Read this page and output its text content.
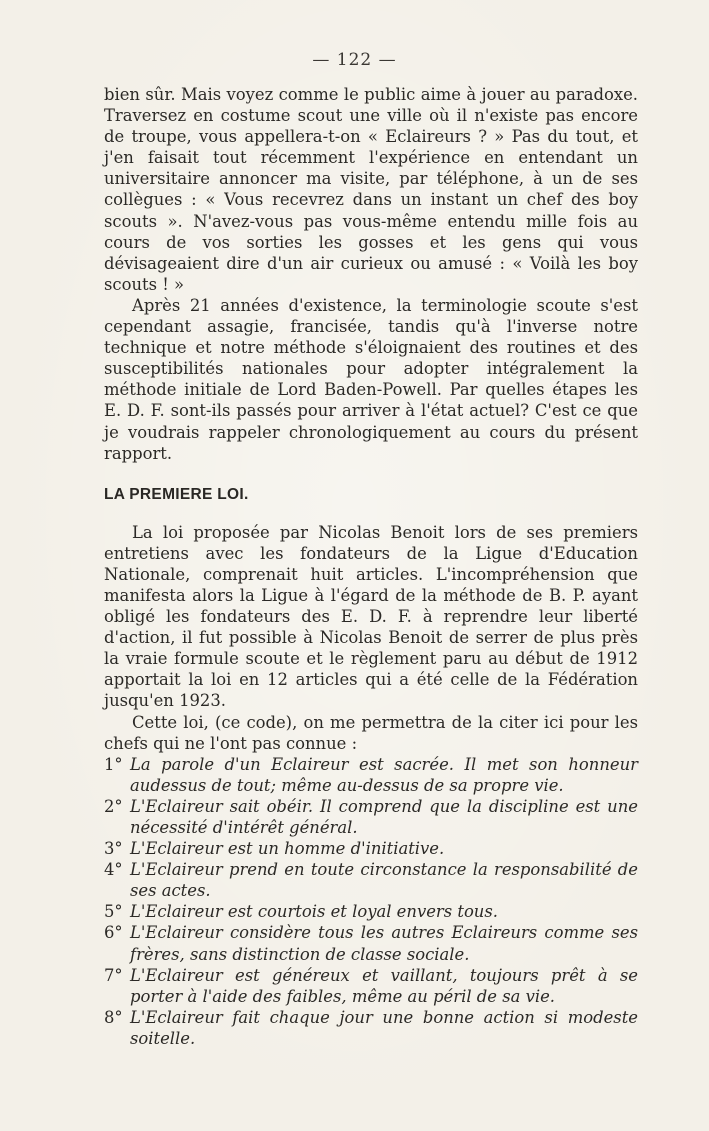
— 122 —

bien sûr. Mais voyez comme le public aime à jouer au paradoxe. Traversez en costume scout une ville où il n'existe pas encore de troupe, vous appellera-t-on « Eclaireurs ? » Pas du tout, et j'en faisait tout récemment l'expérience en entendant un universitaire annoncer ma visite, par téléphone, à un de ses collègues : « Vous recevrez dans un instant un chef des boy scouts ». N'avez-vous pas vous-même entendu mille fois au cours de vos sorties les gosses et les gens qui vous dévisageaient dire d'un air curieux ou amusé : « Voilà les boy scouts ! »

Après 21 années d'existence, la terminologie scoute s'est cependant assagie, francisée, tandis qu'à l'inverse notre technique et notre méthode s'éloignaient des routines et des susceptibilités nationales pour adopter intégralement la méthode initiale de Lord Baden-Powell. Par quelles étapes les E. D. F. sont-ils passés pour arriver à l'état actuel? C'est ce que je voudrais rappeler chronologiquement au cours du présent rapport.

LA PREMIERE LOI.

La loi proposée par Nicolas Benoit lors de ses premiers entretiens avec les fondateurs de la Ligue d'Education Nationale, comprenait huit articles. L'incompréhension que manifesta alors la Ligue à l'égard de la méthode de B. P. ayant obligé les fondateurs des E. D. F. à reprendre leur liberté d'action, il fut possible à Nicolas Benoit de serrer de plus près la vraie formule scoute et le règlement paru au début de 1912 apportait la loi en 12 articles qui a été celle de la Fédération jusqu'en 1923.

Cette loi, (ce code), on me permettra de la citer ici pour les chefs qui ne l'ont pas connue :

1° La parole d'un Eclaireur est sacrée. Il met son honneur audessus de tout; même au-dessus de sa propre vie.
2° L'Eclaireur sait obéir. Il comprend que la discipline est une nécessité d'intérêt général.
3° L'Eclaireur est un homme d'initiative.
4° L'Eclaireur prend en toute circonstance la responsabilité de ses actes.
5° L'Eclaireur est courtois et loyal envers tous.
6° L'Eclaireur considère tous les autres Eclaireurs comme ses frères, sans distinction de classe sociale.
7° L'Eclaireur est généreux et vaillant, toujours prêt à se porter à l'aide des faibles, même au péril de sa vie.
8° L'Eclaireur fait chaque jour une bonne action si modeste soitelle.
